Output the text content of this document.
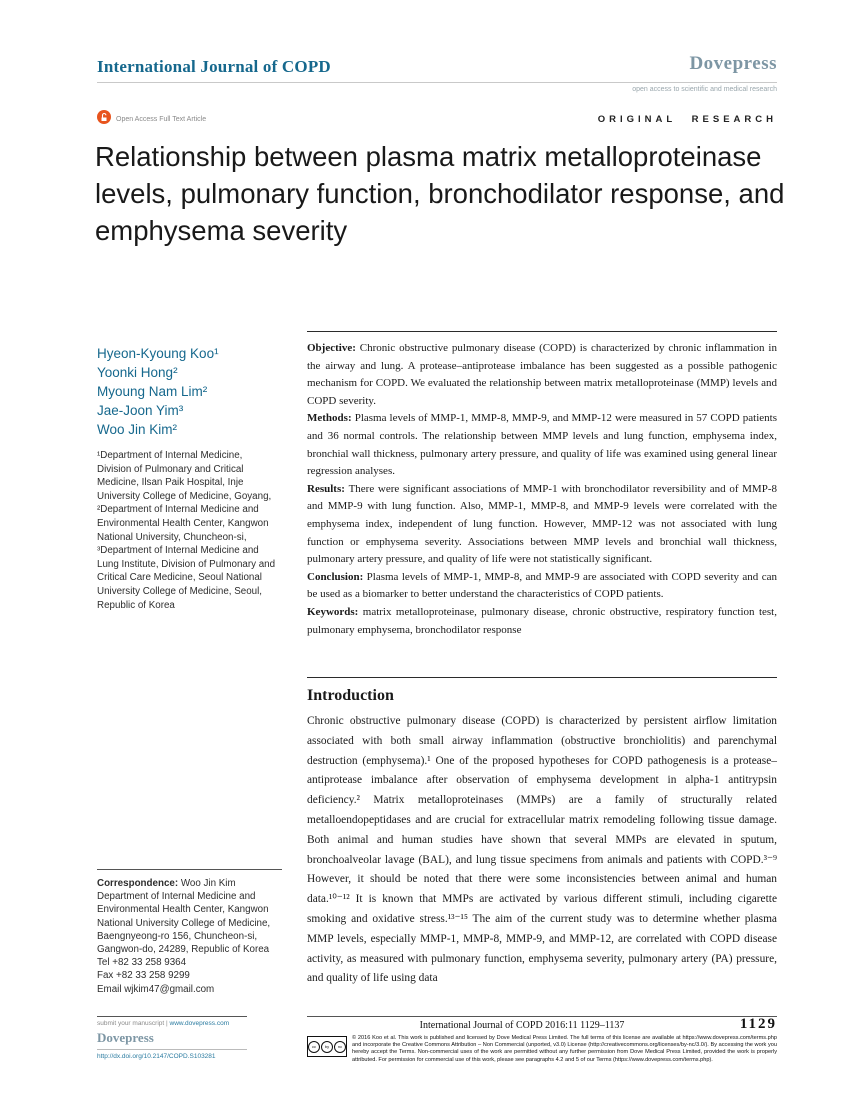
International Journal of COPD	Dovepress
open access to scientific and medical research
Open Access Full Text Article	ORIGINAL RESEARCH
Relationship between plasma matrix metalloproteinase levels, pulmonary function, bronchodilator response, and emphysema severity
Hyeon-Kyoung Koo¹
Yoonki Hong²
Myoung Nam Lim²
Jae-Joon Yim³
Woo Jin Kim²
¹Department of Internal Medicine, Division of Pulmonary and Critical Medicine, Ilsan Paik Hospital, Inje University College of Medicine, Goyang, ²Department of Internal Medicine and Environmental Health Center, Kangwon National University, Chuncheon-si, ³Department of Internal Medicine and Lung Institute, Division of Pulmonary and Critical Care Medicine, Seoul National University College of Medicine, Seoul, Republic of Korea
Correspondence: Woo Jin Kim
Department of Internal Medicine and Environmental Health Center, Kangwon National University College of Medicine, Baengnyeong-ro 156, Chuncheon-si, Gangwon-do, 24289, Republic of Korea
Tel +82 33 258 9364
Fax +82 33 258 9299
Email wjkim47@gmail.com

Objective: Chronic obstructive pulmonary disease (COPD) is characterized by chronic inflammation in the airway and lung. A protease–antiprotease imbalance has been suggested as a possible pathogenic mechanism for COPD. We evaluated the relationship between matrix metalloproteinase (MMP) levels and COPD severity.

Methods: Plasma levels of MMP-1, MMP-8, MMP-9, and MMP-12 were measured in 57 COPD patients and 36 normal controls. The relationship between MMP levels and lung function, emphysema index, bronchial wall thickness, pulmonary artery pressure, and quality of life was examined using general linear regression analyses.

Results: There were significant associations of MMP-1 with bronchodilator reversibility and of MMP-8 and MMP-9 with lung function. Also, MMP-1, MMP-8, and MMP-9 levels were correlated with the emphysema index, independent of lung function. However, MMP-12 was not associated with lung function or emphysema severity. Associations between MMP levels and bronchial wall thickness, pulmonary artery pressure, and quality of life were not statistically significant.

Conclusion: Plasma levels of MMP-1, MMP-8, and MMP-9 are associated with COPD severity and can be used as a biomarker to better understand the characteristics of COPD patients.

Keywords: matrix metalloproteinase, pulmonary disease, chronic obstructive, respiratory function test, pulmonary emphysema, bronchodilator response

Introduction
Chronic obstructive pulmonary disease (COPD) is characterized by persistent airflow limitation associated with both small airway inflammation (obstructive bronchiolitis) and parenchymal destruction (emphysema).¹ One of the proposed hypotheses for COPD pathogenesis is a protease–antiprotease imbalance after observation of emphysema development in alpha-1 antitrypsin deficiency.² Matrix metalloproteinases (MMPs) are a family of structurally related metalloendopeptidases and are crucial for extracellular matrix remodeling following tissue damage. Both animal and human studies have shown that several MMPs are elevated in sputum, bronchoalveolar lavage (BAL), and lung tissue specimens from animals and patients with COPD.³⁻⁹ However, it should be noted that there were some inconsistencies between animal and human data.¹⁰⁻¹² It is known that MMPs are activated by various different stimuli, including cigarette smoking and oxidative stress.¹³⁻¹⁵ The aim of the current study was to determine whether plasma MMP levels, especially MMP-1, MMP-8, MMP-9, and MMP-12, are correlated with COPD disease activity, as measured with pulmonary function, emphysema severity, pulmonary artery (PA) pressure, and quality of life using data
submit your manuscript | www.dovepress.com
Dovepress
http://dx.doi.org/10.2147/COPD.S103281
International Journal of COPD 2016:11 1129–1137	1129
cc	by	nc
© 2016 Koo et al. This work is published and licensed by Dove Medical Press Limited. The full terms of this license are available at https://www.dovepress.com/terms.php and incorporate the Creative Commons Attribution – Non Commercial (unported, v3.0) License (http://creativecommons.org/licenses/by-nc/3.0/). By accessing the work you hereby accept the Terms. Non-commercial uses of the work are permitted without any further permission from Dove Medical Press Limited, provided the work is properly attributed. For permission for commercial use of this work, please see paragraphs 4.2 and 5 of our Terms (https://www.dovepress.com/terms.php).
